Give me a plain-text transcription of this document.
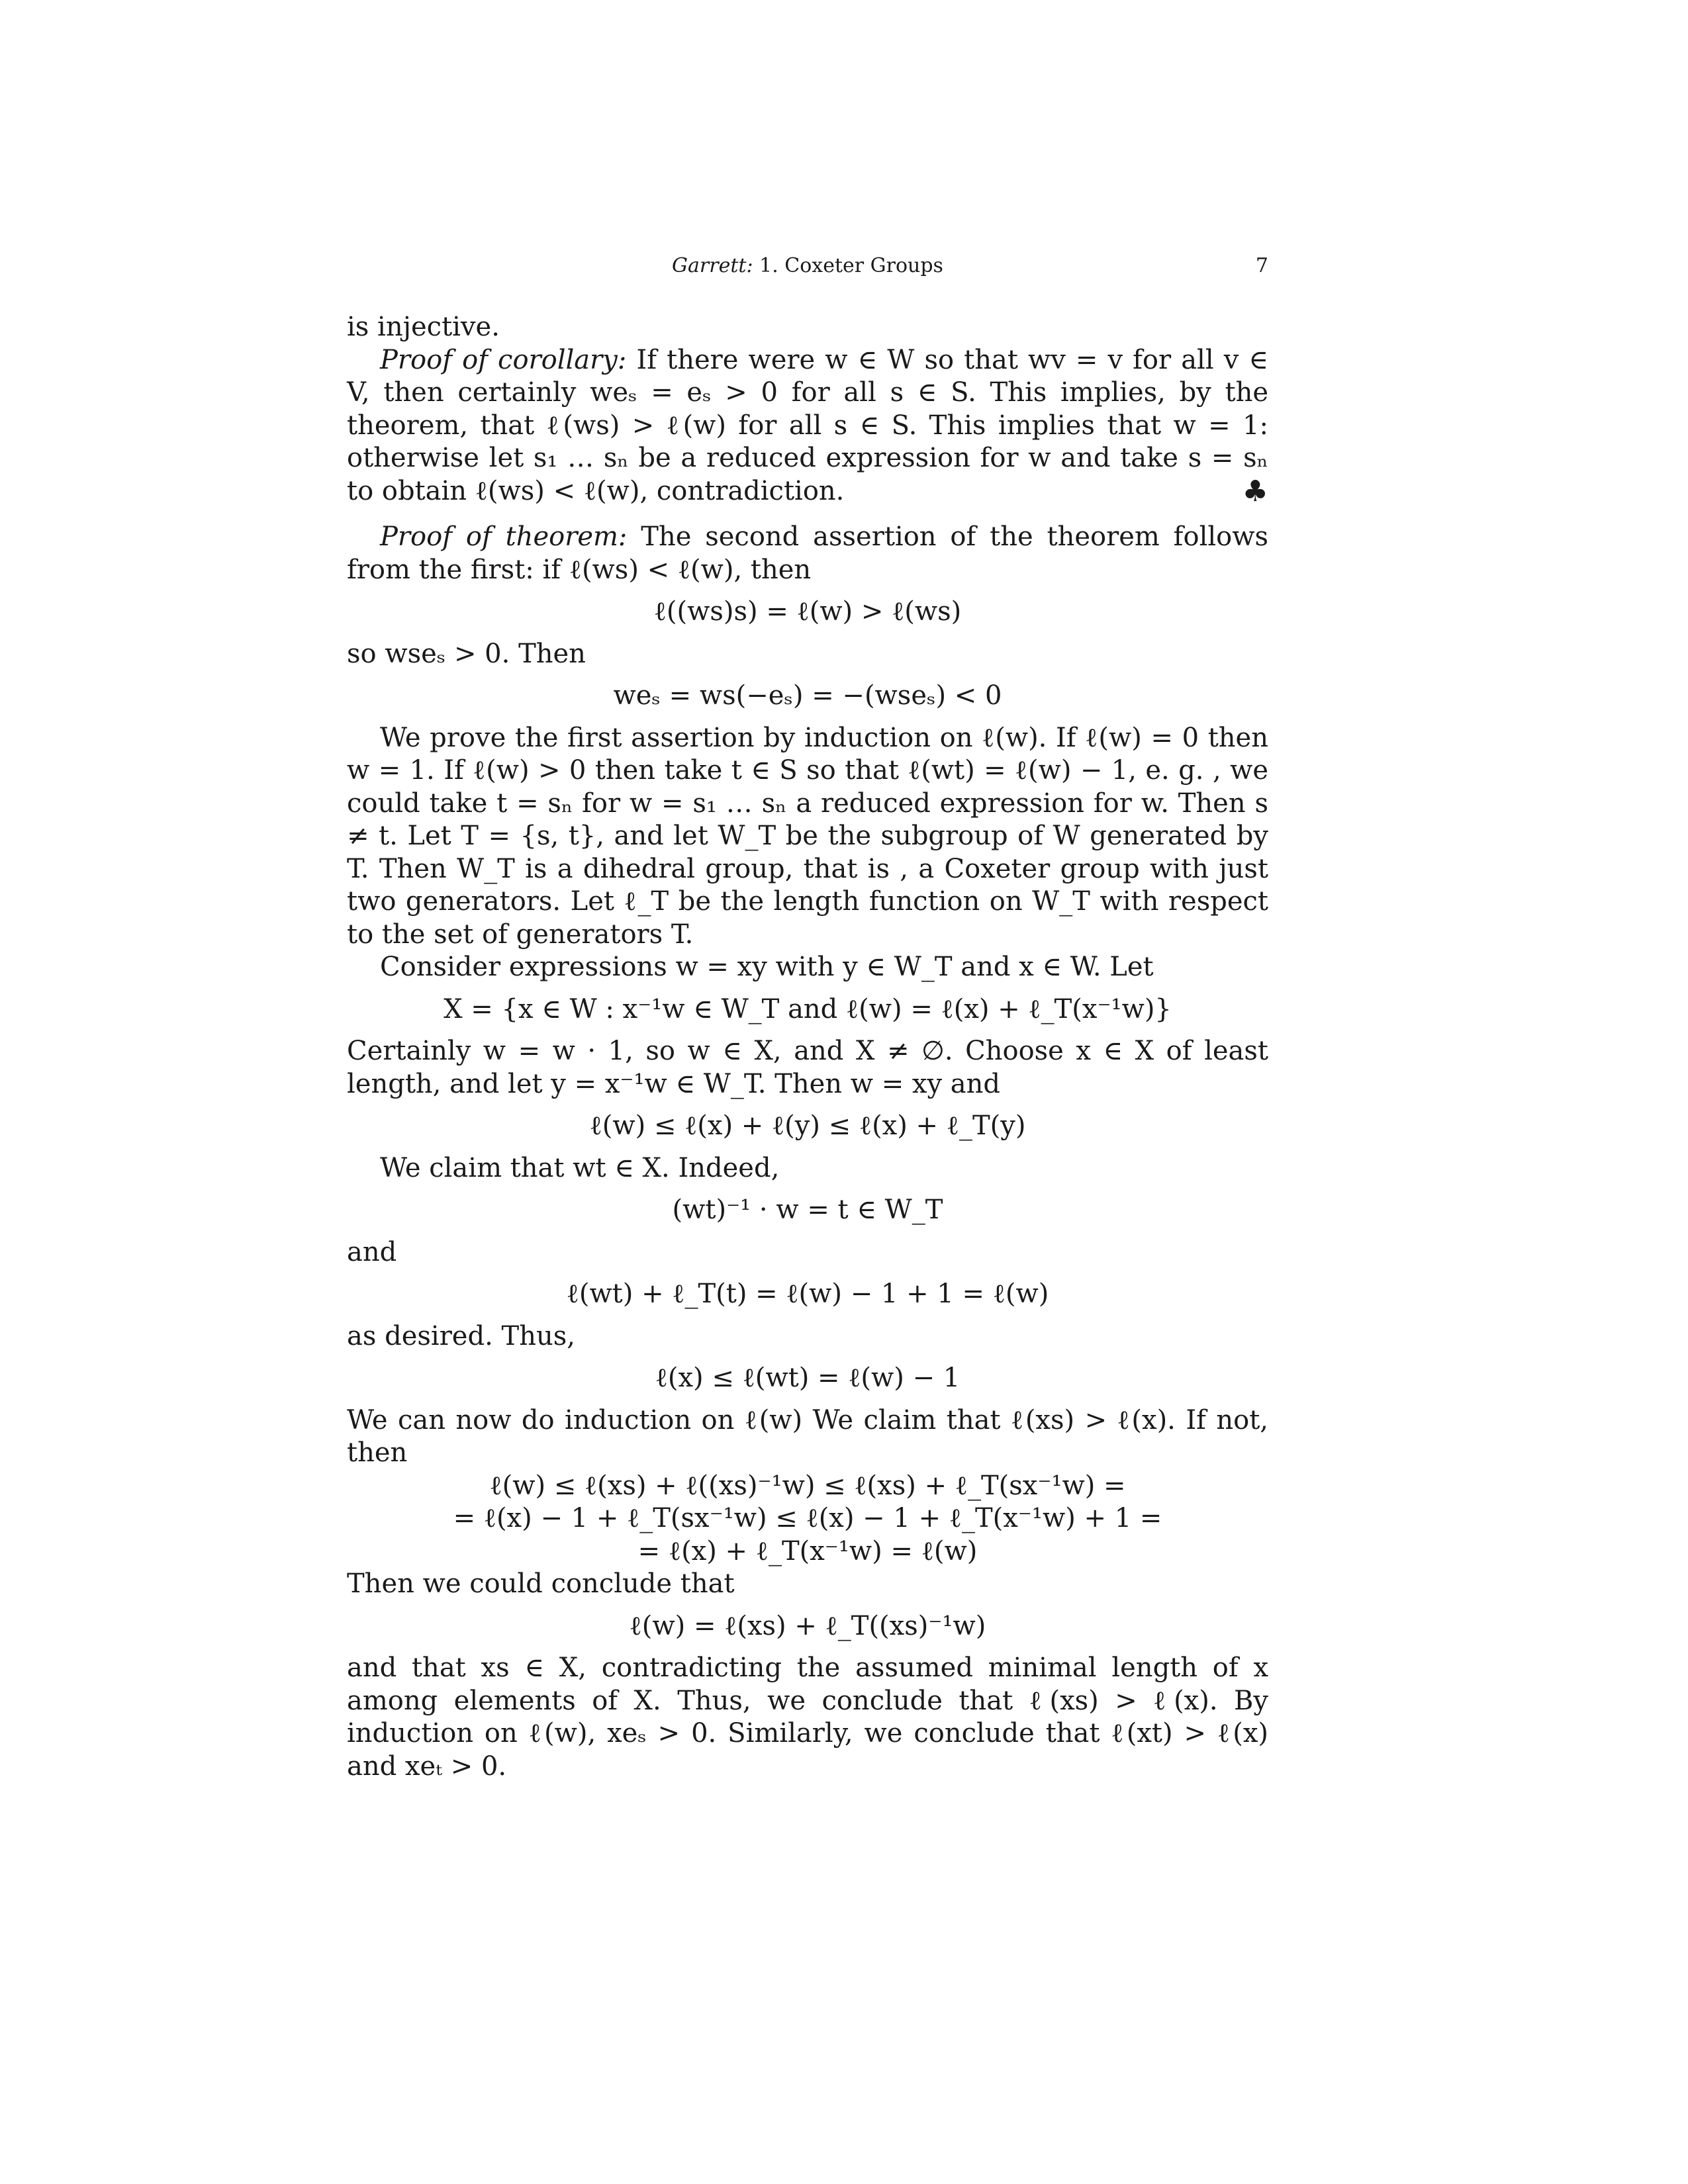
Garrett: 1. Coxeter Groups	7

is injective.

Proof of corollary: If there were w ∈ W so that wv = v for all v ∈ V, then certainly weₛ = eₛ > 0 for all s ∈ S. This implies, by the theorem, that ℓ(ws) > ℓ(w) for all s ∈ S. This implies that w = 1: otherwise let s₁ … sₙ be a reduced expression for w and take s = sₙ to obtain ℓ(ws) < ℓ(w), contradiction.	♣

Proof of theorem: The second assertion of the theorem follows from the first: if ℓ(ws) < ℓ(w), then

ℓ((ws)s) = ℓ(w) > ℓ(ws)

so wseₛ > 0. Then

weₛ = ws(−eₛ) = −(wseₛ) < 0

We prove the first assertion by induction on ℓ(w). If ℓ(w) = 0 then w = 1. If ℓ(w) > 0 then take t ∈ S so that ℓ(wt) = ℓ(w) − 1, e. g. , we could take t = sₙ for w = s₁ … sₙ a reduced expression for w. Then s ≠ t. Let T = {s, t}, and let W_T be the subgroup of W generated by T. Then W_T is a dihedral group, that is , a Coxeter group with just two generators. Let ℓ_T be the length function on W_T with respect to the set of generators T.

Consider expressions w = xy with y ∈ W_T and x ∈ W. Let

X = {x ∈ W : x⁻¹w ∈ W_T and ℓ(w) = ℓ(x) + ℓ_T(x⁻¹w)}

Certainly w = w · 1, so w ∈ X, and X ≠ ∅. Choose x ∈ X of least length, and let y = x⁻¹w ∈ W_T. Then w = xy and

ℓ(w) ≤ ℓ(x) + ℓ(y) ≤ ℓ(x) + ℓ_T(y)

We claim that wt ∈ X. Indeed,

(wt)⁻¹ · w = t ∈ W_T

and

ℓ(wt) + ℓ_T(t) = ℓ(w) − 1 + 1 = ℓ(w)

as desired. Thus,

ℓ(x) ≤ ℓ(wt) = ℓ(w) − 1

We can now do induction on ℓ(w) We claim that ℓ(xs) > ℓ(x). If not, then

ℓ(w) ≤ ℓ(xs) + ℓ((xs)⁻¹w) ≤ ℓ(xs) + ℓ_T(sx⁻¹w) =
= ℓ(x) − 1 + ℓ_T(sx⁻¹w) ≤ ℓ(x) − 1 + ℓ_T(x⁻¹w) + 1 =
= ℓ(x) + ℓ_T(x⁻¹w) = ℓ(w)

Then we could conclude that

ℓ(w) = ℓ(xs) + ℓ_T((xs)⁻¹w)

and that xs ∈ X, contradicting the assumed minimal length of x among elements of X. Thus, we conclude that ℓ(xs) > ℓ(x). By induction on ℓ(w), xeₛ > 0. Similarly, we conclude that ℓ(xt) > ℓ(x) and xeₜ > 0.
